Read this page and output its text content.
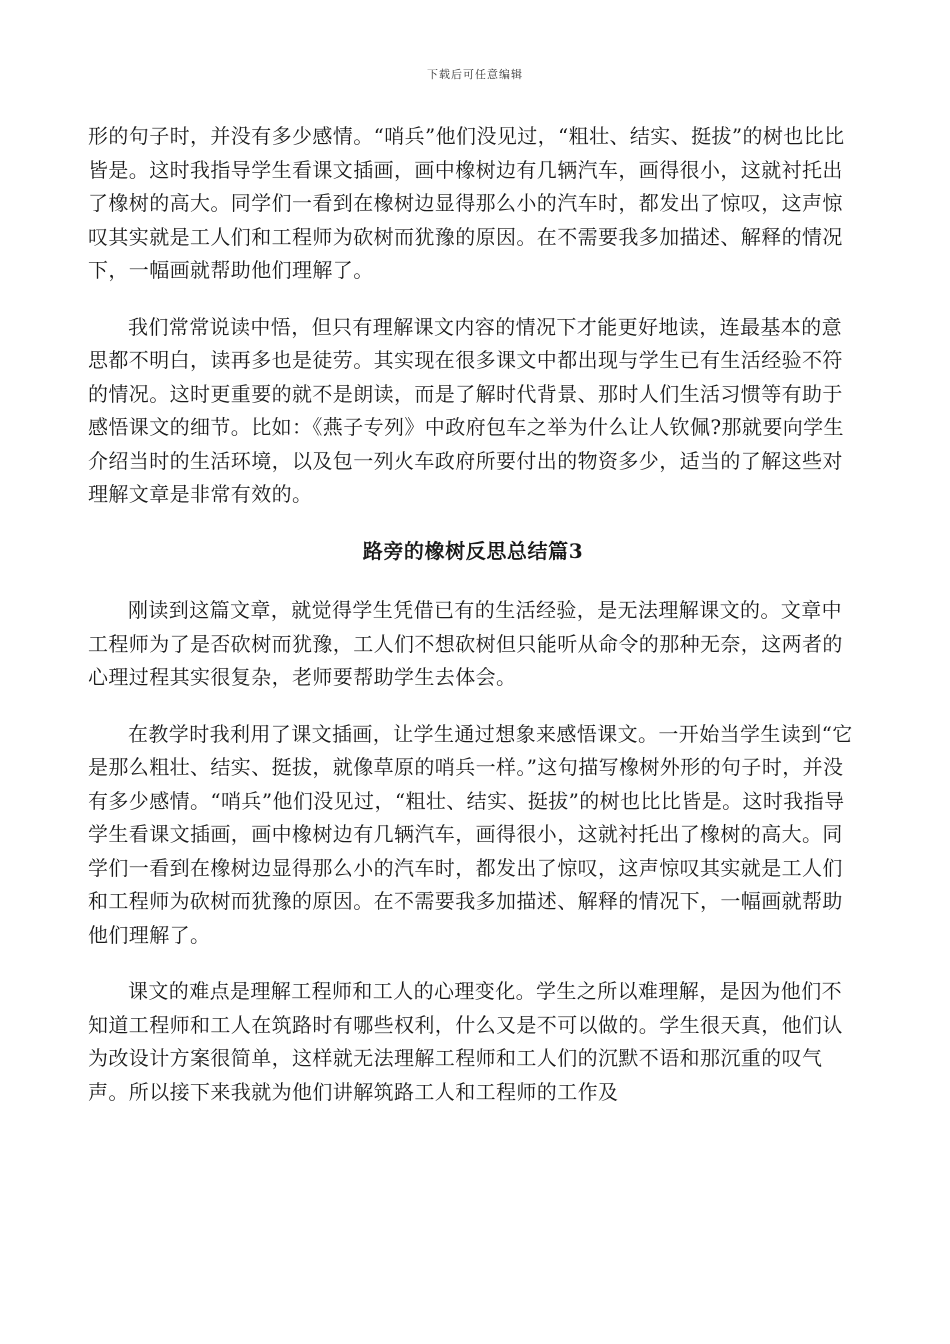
下载后可任意编辑

形的句子时，并没有多少感情。“哨兵”他们没见过，“粗壮、结实、挺拔”的树也比比皆是。这时我指导学生看课文插画，画中橡树边有几辆汽车，画得很小，这就衬托出了橡树的高大。同学们一看到在橡树边显得那么小的汽车时，都发出了惊叹，这声惊叹其实就是工人们和工程师为砍树而犹豫的原因。在不需要我多加描述、解释的情况下，一幅画就帮助他们理解了。

我们常常说读中悟，但只有理解课文内容的情况下才能更好地读，连最基本的意思都不明白，读再多也是徒劳。其实现在很多课文中都出现与学生已有生活经验不符的情况。这时更重要的就不是朗读，而是了解时代背景、那时人们生活习惯等有助于感悟课文的细节。比如：《燕子专列》中政府包车之举为什么让人钦佩?那就要向学生介绍当时的生活环境，以及包一列火车政府所要付出的物资多少，适当的了解这些对理解文章是非常有效的。

路旁的橡树反思总结篇3

刚读到这篇文章，就觉得学生凭借已有的生活经验，是无法理解课文的。文章中工程师为了是否砍树而犹豫，工人们不想砍树但只能听从命令的那种无奈，这两者的心理过程其实很复杂，老师要帮助学生去体会。

在教学时我利用了课文插画，让学生通过想象来感悟课文。一开始当学生读到“它是那么粗壮、结实、挺拔，就像草原的哨兵一样。”这句描写橡树外形的句子时，并没有多少感情。“哨兵”他们没见过，“粗壮、结实、挺拔”的树也比比皆是。这时我指导学生看课文插画，画中橡树边有几辆汽车，画得很小，这就衬托出了橡树的高大。同学们一看到在橡树边显得那么小的汽车时，都发出了惊叹，这声惊叹其实就是工人们和工程师为砍树而犹豫的原因。在不需要我多加描述、解释的情况下，一幅画就帮助他们理解了。

课文的难点是理解工程师和工人的心理变化。学生之所以难理解，是因为他们不知道工程师和工人在筑路时有哪些权利，什么又是不可以做的。学生很天真，他们认为改设计方案很简单，这样就无法理解工程师和工人们的沉默不语和那沉重的叹气声。所以接下来我就为他们讲解筑路工人和工程师的工作及
